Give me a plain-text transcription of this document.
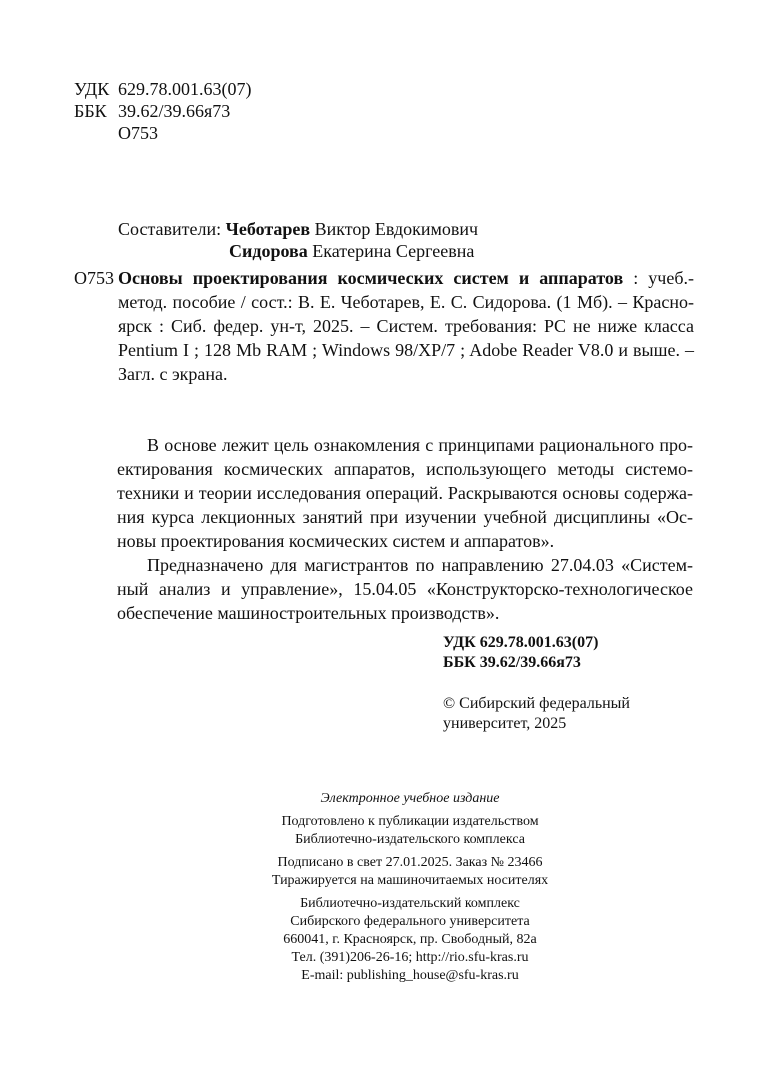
УДК 629.78.001.63(07)
ББК 39.62/39.66я73
О753
Составители: Чеботарев Виктор Евдокимович
Сидорова Екатерина Сергеевна
О753 Основы проектирования космических систем и аппаратов : учеб.-
метод. пособие / сост.: В. Е. Чеботарев, Е. С. Сидорова. (1 Мб). – Красно-
ярск : Сиб. федер. ун-т, 2025. – Систем. требования: PC не ниже класса
Pentium I ; 128 Mb RAM ; Windows 98/XP/7 ; Adobe Reader V8.0 и выше. –
Загл. с экрана.
В основе лежит цель ознакомления с принципами рационального про-
ектирования космических аппаратов, использующего методы системо-
техники и теории исследования операций. Раскрываются основы содержа-
ния курса лекционных занятий при изучении учебной дисциплины «Ос-
новы проектирования космических систем и аппаратов».
Предназначено для магистрантов по направлению 27.04.03 «Систем-
ный анализ и управление», 15.04.05 «Конструкторско-технологическое
обеспечение машиностроительных производств».
УДК 629.78.001.63(07)
ББК 39.62/39.66я73
© Сибирский федеральный
университет, 2025
Электронное учебное издание
Подготовлено к публикации издательством
Библиотечно-издательского комплекса
Подписано в свет 27.01.2025. Заказ № 23466
Тиражируется на машиночитаемых носителях
Библиотечно-издательский комплекс
Сибирского федерального университета
660041, г. Красноярск, пр. Свободный, 82а
Тел. (391)206-26-16; http://rio.sfu-kras.ru
E-mail: publishing_house@sfu-kras.ru
